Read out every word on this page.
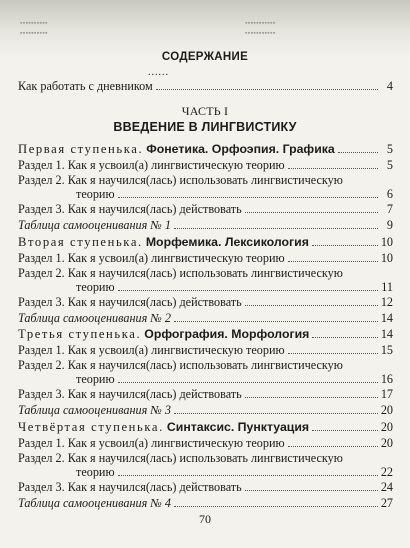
▪▪▪▪▪▪▪▪▪▪	▪▪▪▪▪▪▪▪▪▪▪
▪▪▪▪▪▪▪▪▪▪	▪▪▪▪▪▪▪▪▪▪▪
СОДЕРЖАНИЕ
......
Как работать с дневником	4
ЧАСТЬ I
ВВЕДЕНИЕ В ЛИНГВИСТИКУ
Первая ступенька. Фонетика. Орфоэпия. Графика	5
Раздел 1. Как я усвоил(а) лингвистическую теорию	5
Раздел 2. Как я научился(лась) использовать лингвистическую
теорию	6
Раздел 3. Как я научился(лась) действовать	7
Таблица самооценивания № 1	9
Вторая ступенька. Морфемика. Лексикология	10
Раздел 1. Как я усвоил(а) лингвистическую теорию	10
Раздел 2. Как я научился(лась) использовать лингвистическую
теорию	11
Раздел 3. Как я научился(лась) действовать	12
Таблица самооценивания № 2	14
Третья ступенька. Орфография. Морфология	14
Раздел 1. Как я усвоил(а) лингвистическую теорию	15
Раздел 2. Как я научился(лась) использовать лингвистическую
теорию	16
Раздел 3. Как я научился(лась) действовать	17
Таблица самооценивания № 3	20
Четвёртая ступенька. Синтаксис. Пунктуация	20
Раздел 1. Как я усвоил(а) лингвистическую теорию	20
Раздел 2. Как я научился(лась) использовать лингвистическую
теорию	22
Раздел 3. Как я научился(лась) действовать	24
Таблица самооценивания № 4	27
70
